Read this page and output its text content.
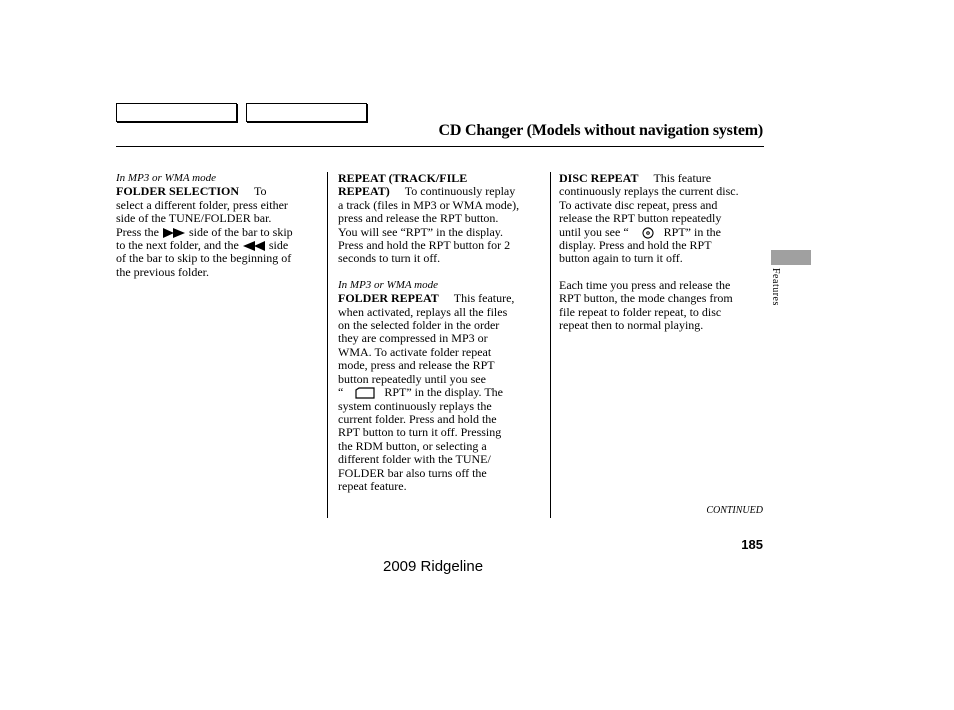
CD Changer (Models without navigation system)

In MP3 or WMA mode

FOLDER SELECTION To

select a different folder, press either

side of the TUNE/FOLDER bar.

Press the	side of the bar to skip

to the next folder, and the	side

of the bar to skip to the beginning of

the previous folder.

REPEAT (TRACK/FILE

REPEAT) To continuously replay

a track (files in MP3 or WMA mode),

press and release the RPT button.

You will see “RPT” in the display.

Press and hold the RPT button for 2

seconds to turn it off.

In MP3 or WMA mode

FOLDER REPEAT This feature,

when activated, replays all the files

on the selected folder in the order

they are compressed in MP3 or

WMA. To activate folder repeat

mode, press and release the RPT

button repeatedly until you see

“	RPT” in the display. The

system continuously replays the

current folder. Press and hold the

RPT button to turn it off. Pressing

the RDM button, or selecting a

different folder with the TUNE/

FOLDER bar also turns off the

repeat feature.

DISC REPEAT This feature

continuously replays the current disc.

To activate disc repeat, press and

release the RPT button repeatedly

until you see “	RPT” in the

display. Press and hold the RPT

button again to turn it off.

Each time you press and release the

RPT button, the mode changes from

file repeat to folder repeat, to disc

repeat then to normal playing.

Features
CONTINUED
185
2009 Ridgeline
